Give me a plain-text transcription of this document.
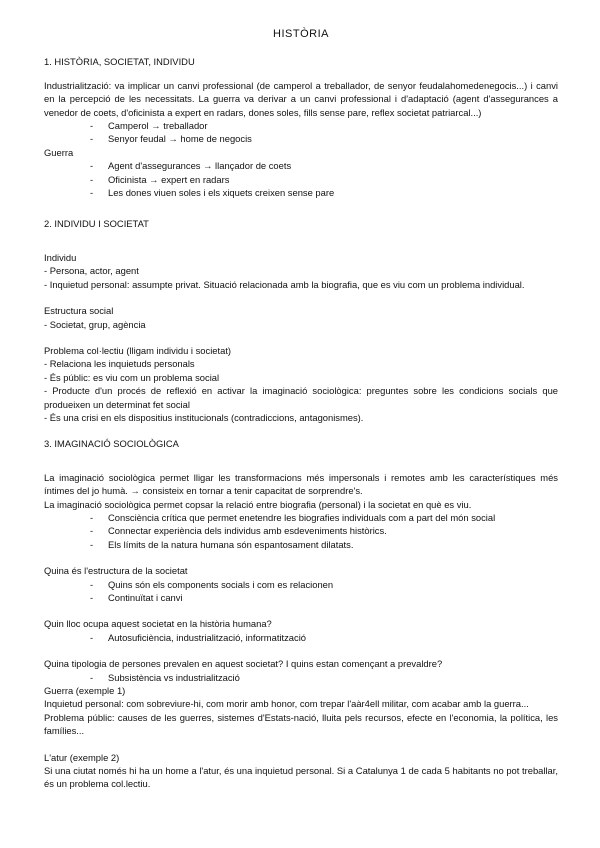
HISTÒRIA
1. HISTÒRIA, SOCIETAT, INDIVIDU

Industrialització: va implicar un canvi professional (de camperol a treballador, de senyor feudalahomedenegocis...) i canvi en la percepció de les necessitats. La guerra va derivar a un canvi professional i d'adaptació (agent d'assegurances a venedor de coets, d'oficinista a expert en radars, dones soles, fills sense pare, reflex societat patriarcal...)

- Camperol → treballador
- Senyor feudal → home de negocis

Guerra

- Agent d'assegurances → llançador de coets
- Oficinista → expert en radars
- Les dones viuen soles i els xiquets creixen sense pare
2. INDIVIDU I SOCIETAT

Individu

- Persona, actor, agent

- Inquietud personal: assumpte privat. Situació relacionada amb la biografia, que es viu com un problema individual.

Estructura social

- Societat, grup, agència

Problema col·lectiu (lligam individu i societat)

- Relaciona les inquietuds personals

- És públic: es viu com un problema social

- Producte d'un procés de reflexió en activar la imaginació sociològica: preguntes sobre les condicions socials que produeixen un determinat fet social

- És una crisi en els dispositius institucionals (contradiccions, antagonismes).

3. IMAGINACIÓ SOCIOLÒGICA

La imaginació sociològica permet lligar les transformacions més impersonals i remotes amb les característiques més íntimes del jo humà. → consisteix en tornar a tenir capacitat de sorprendre's.

La imaginació sociològica permet copsar la relació entre biografia (personal) i la societat en què es viu.

- Consciència crítica que permet enetendre les biografies individuals com a part del món social
- Connectar experiència dels individus amb esdeveniments històrics.
- Els límits de la natura humana són espantosament dilatats.

Quina és l'estructura de la societat

- Quins són els components socials i com es relacionen
- Continuïtat i canvi

Quin lloc ocupa aquest societat en la història humana?

- Autosuficiència, industrialització, informatització

Quina tipologia de persones prevalen en aquest societat? I quins estan començant a prevaldre?

- Subsistència vs industrialització

Guerra (exemple 1)

Inquietud personal: com sobreviure-hi, com morir amb honor, com trepar l'aàr4ell militar, com acabar amb la guerra...

Problema públic: causes de les guerres, sistemes d'Estats-nació, lluita pels recursos, efecte en l'economia, la política, les famílies...

L'atur (exemple 2)

Si una ciutat només hi ha un home a l'atur, és una inquietud personal. Si a Catalunya 1 de cada 5 habitants no pot treballar, és un problema col.lectiu.
